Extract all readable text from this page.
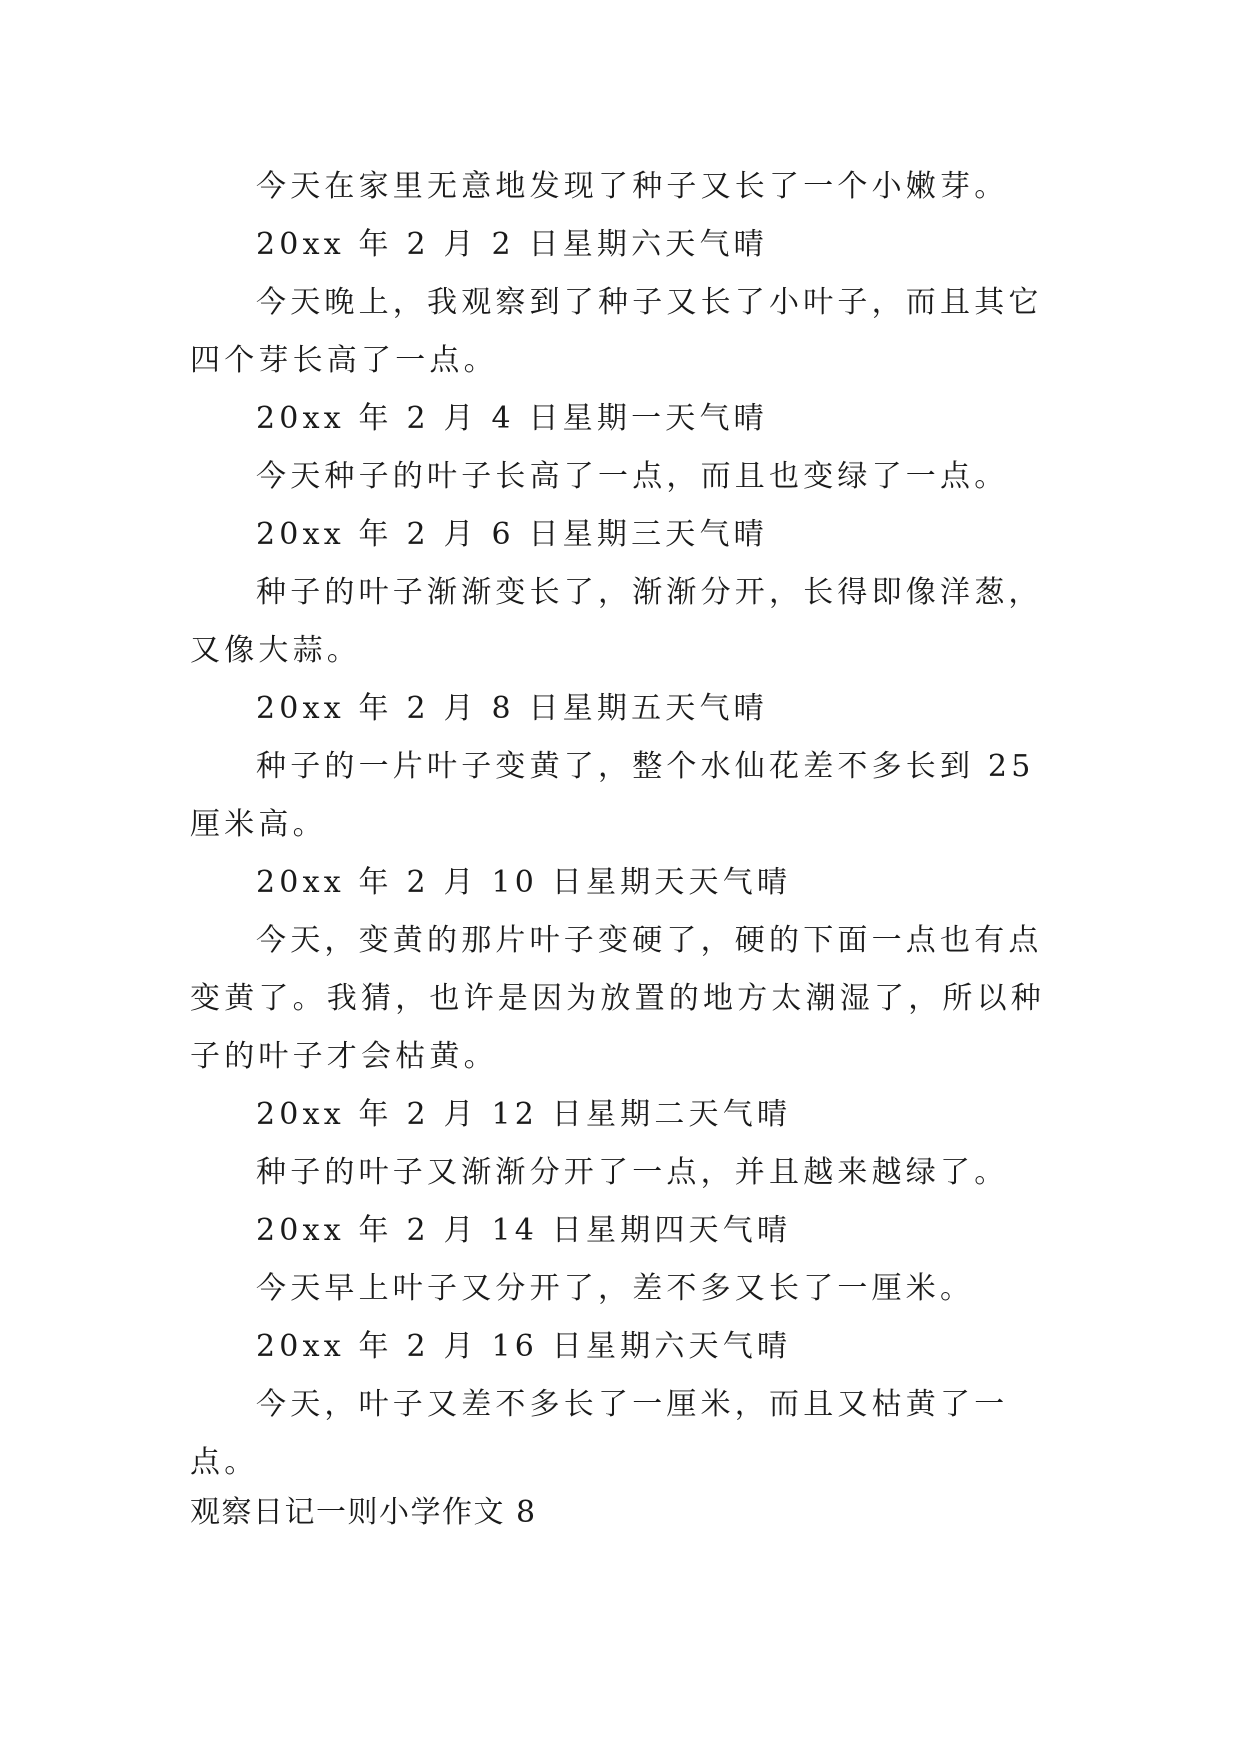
今天在家里无意地发现了种子又长了一个小嫩芽。

20xx 年 2 月 2 日星期六天气晴

今天晚上，我观察到了种子又长了小叶子，而且其它四个芽长高了一点。

20xx 年 2 月 4 日星期一天气晴

今天种子的叶子长高了一点，而且也变绿了一点。

20xx 年 2 月 6 日星期三天气晴

种子的叶子渐渐变长了，渐渐分开，长得即像洋葱，又像大蒜。

20xx 年 2 月 8 日星期五天气晴

种子的一片叶子变黄了，整个水仙花差不多长到 25 厘米高。

20xx 年 2 月 10 日星期天天气晴

今天，变黄的那片叶子变硬了，硬的下面一点也有点变黄了。我猜，也许是因为放置的地方太潮湿了，所以种子的叶子才会枯黄。

20xx 年 2 月 12 日星期二天气晴

种子的叶子又渐渐分开了一点，并且越来越绿了。

20xx 年 2 月 14 日星期四天气晴

今天早上叶子又分开了，差不多又长了一厘米。

20xx 年 2 月 16 日星期六天气晴

今天，叶子又差不多长了一厘米，而且又枯黄了一点。

观察日记一则小学作文 8
